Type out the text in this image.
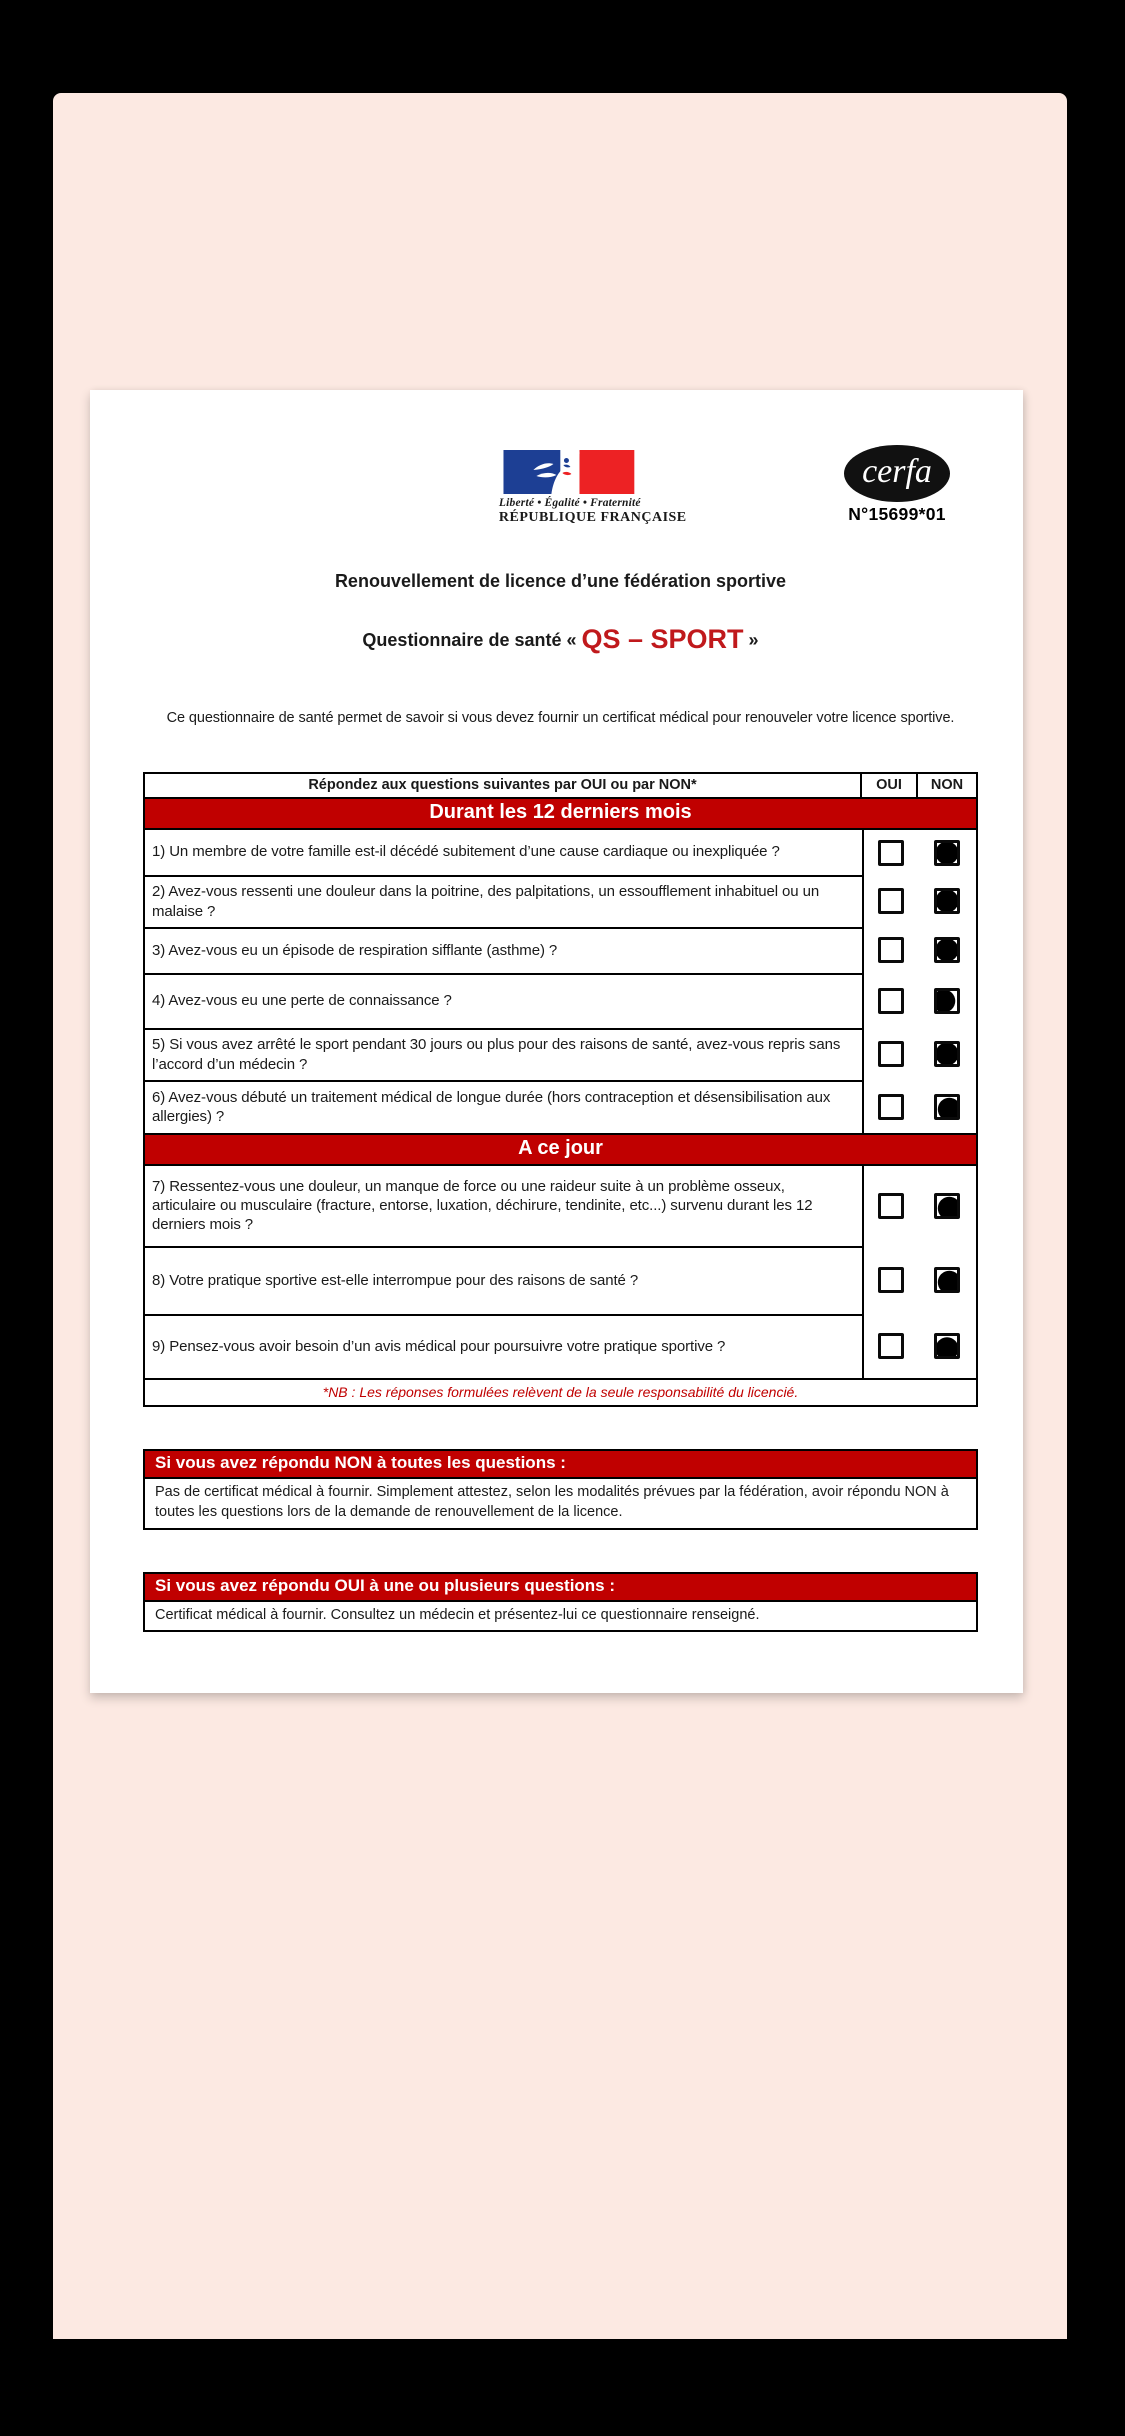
Liberté • Égalité • Fraternité
RÉPUBLIQUE FRANÇAISE
cerfa
N°15699*01
Renouvellement de licence d’une fédération sportive
Questionnaire de santé « QS – SPORT »
Ce questionnaire de santé permet de savoir si vous devez fournir un certificat médical pour renouveler votre licence sportive.
Répondez aux questions suivantes par OUI ou par NON*	OUI	NON
Durant les 12 derniers mois
1) Un membre de votre famille est-il décédé subitement d’une cause cardiaque ou inexpliquée ?
2) Avez-vous ressenti une douleur dans la poitrine, des palpitations, un essoufflement inhabituel ou un malaise ?
3) Avez-vous eu un épisode de respiration sifflante (asthme) ?
4) Avez-vous eu une perte de connaissance ?
5) Si vous avez arrêté le sport pendant 30 jours ou plus pour des raisons de santé, avez-vous repris sans l’accord d’un médecin ?
6) Avez-vous débuté un traitement médical de longue durée (hors contraception et désensibilisation aux allergies) ?
A ce jour
7) Ressentez-vous une douleur, un manque de force ou une raideur suite à un problème osseux, articulaire ou musculaire (fracture, entorse, luxation, déchirure, tendinite, etc...) survenu durant les 12 derniers mois ?
8) Votre pratique sportive est-elle interrompue pour des raisons de santé ?
9) Pensez-vous avoir besoin d’un avis médical pour poursuivre votre pratique sportive ?
*NB : Les réponses formulées relèvent de la seule responsabilité du licencié.
Si vous avez répondu NON à toutes les questions :
Pas de certificat médical à fournir. Simplement attestez, selon les modalités prévues par la fédération, avoir répondu NON à toutes les questions lors de la demande de renouvellement de la licence.
Si vous avez répondu OUI à une ou plusieurs questions :
Certificat médical à fournir. Consultez un médecin et présentez-lui ce questionnaire renseigné.
